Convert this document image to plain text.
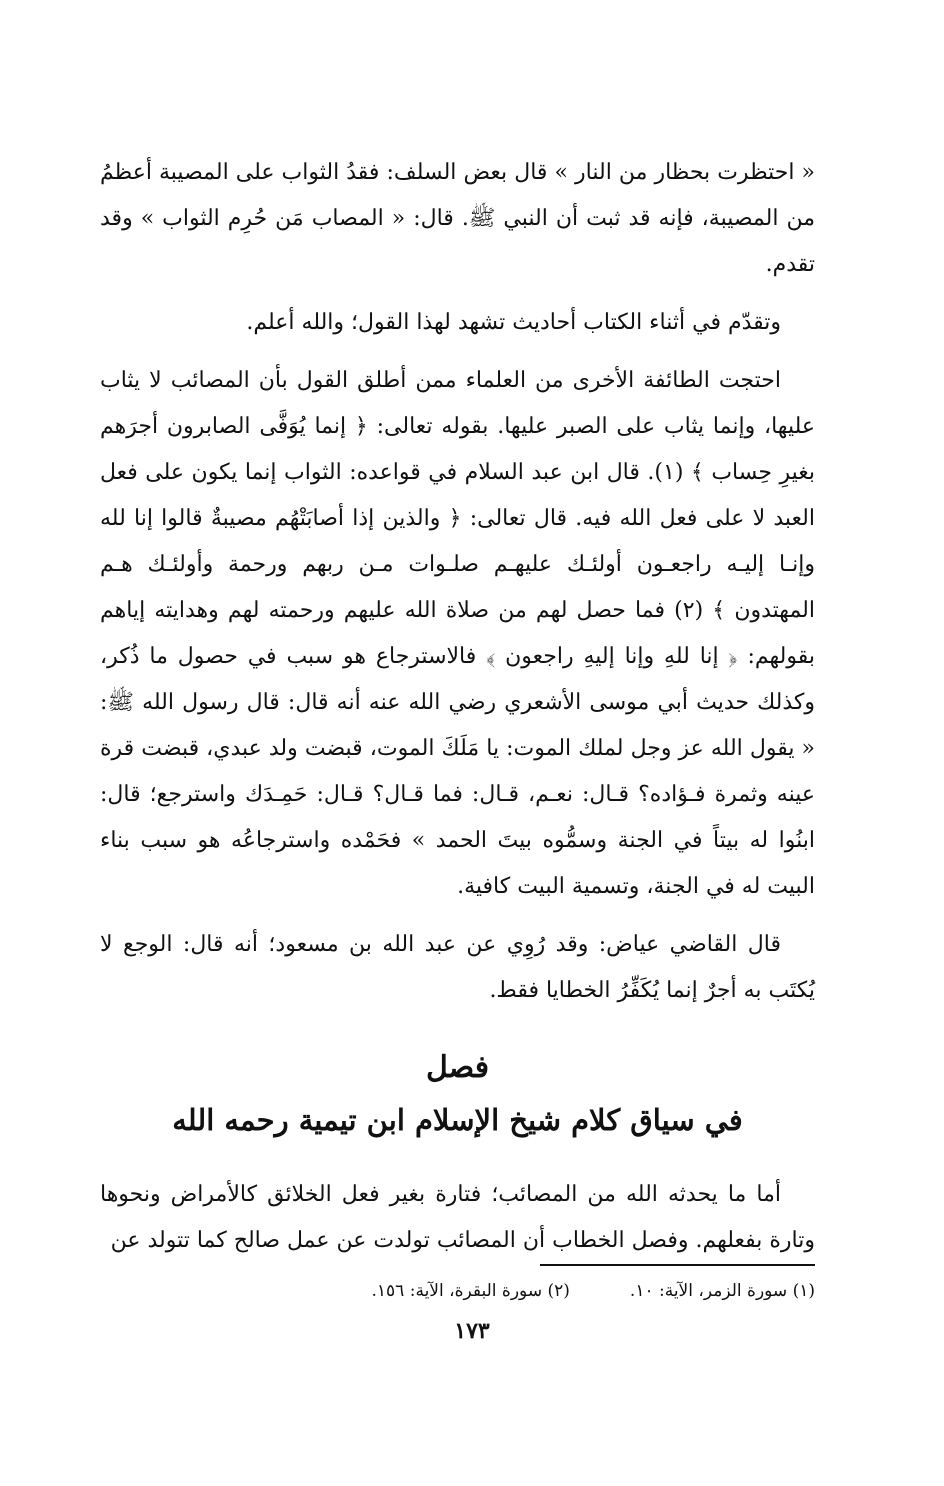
« احتظرت بحظار من النار » قال بعض السلف: فقدُ الثواب على المصيبة أعظمُ من المصيبة، فإنه قد ثبت أن النبي ﷺ. قال: « المصاب مَن حُرِم الثواب » وقد تقدم.

وتقدّم في أثناء الكتاب أحاديث تشهد لهذا القول؛ والله أعلم.

احتجت الطائفة الأخرى من العلماء ممن أطلق القول بأن المصائب لا يثاب عليها، وإنما يثاب على الصبر عليها. بقوله تعالى: ﴿ إنما يُوَفَّى الصابرون أجرَهم بغيرِ حِساب ﴾ (١). قال ابن عبد السلام في قواعده: الثواب إنما يكون على فعل العبد لا على فعل الله فيه. قال تعالى: ﴿ والذين إذا أصابَتْهُم مصيبةٌ قالوا إنا لله وإنـا إليـه راجعـون أولئـك عليهـم صلـوات مـن ربهم ورحمة وأولئـك هـم المهتدون ﴾ (٢) فما حصل لهم من صلاة الله عليهم ورحمته لهم وهدايته إياهم بقولهم: ﴿ إنا للهِ وإنا إليهِ راجعون ﴾ فالاسترجاع هو سبب في حصول ما ذُكر، وكذلك حديث أبي موسى الأشعري رضي الله عنه أنه قال: قال رسول الله ﷺ: « يقول الله عز وجل لملك الموت: يا مَلَكَ الموت، قبضت ولد عبدي، قبضت قرة عينه وثمرة فـؤاده؟ قـال: نعـم، قـال: فما قـال؟ قـال: حَمِـدَك واسترجع؛ قال: ابنُوا له بيتاً في الجنة وسمُّوه بيتَ الحمد » فحَمْده واسترجاعُه هو سبب بناء البيت له في الجنة، وتسمية البيت كافية.

قال القاضي عياض: وقد رُوِي عن عبد الله بن مسعود؛ أنه قال: الوجع لا يُكتَب به أجرٌ إنما يُكَفِّرُ الخطايا فقط.

فصل
في سياق كلام شيخ الإسلام ابن تيمية رحمه الله

أما ما يحدثه الله من المصائب؛ فتارة بغير فعل الخلائق كالأمراض ونحوها وتارة بفعلهم. وفصل الخطاب أن المصائب تولدت عن عمل صالح كما تتولد عن

(١) سورة الزمر، الآية: ١٠.
(٢) سورة البقرة، الآية: ١٥٦.
١٧٣
